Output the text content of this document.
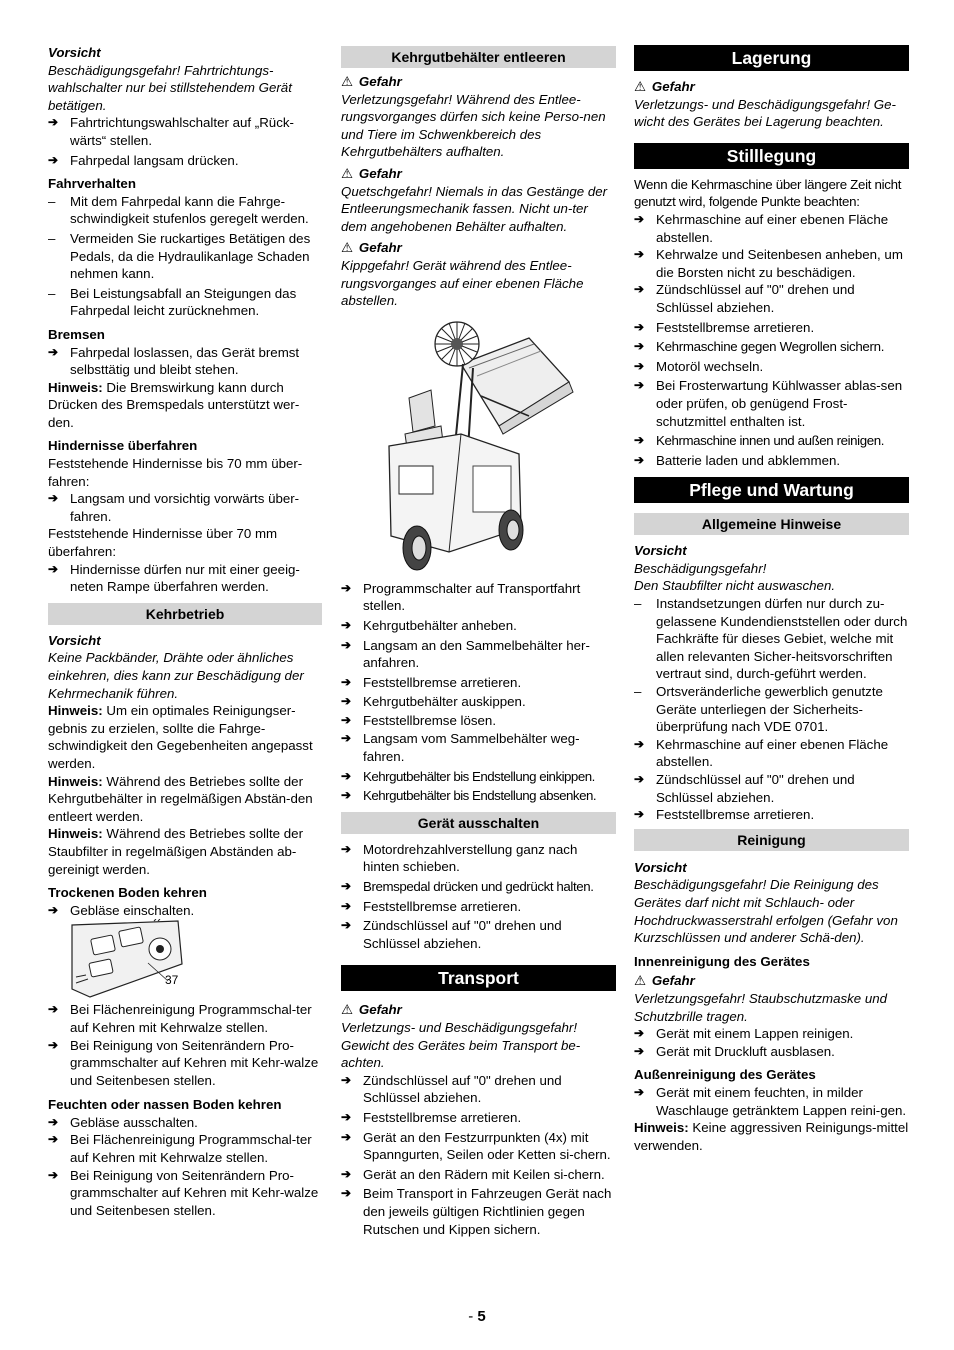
Vorsicht

Beschädigungsgefahr! Fahrtrichtungs-wahlschalter nur bei stillstehendem Gerät betätigen.

➔ Fahrtrichtungswahlschalter auf „Rück-wärts“ stellen.

➔ Fahrpedal langsam drücken.

Fahrverhalten

– Mit dem Fahrpedal kann die Fahrge-schwindigkeit stufenlos geregelt werden.

– Vermeiden Sie ruckartiges Betätigen des Pedals, da die Hydraulikanlage Schaden nehmen kann.

– Bei Leistungsabfall an Steigungen das Fahrpedal leicht zurücknehmen.

Bremsen

➔ Fahrpedal loslassen, das Gerät bremst selbsttätig und bleibt stehen.

Hinweis: Die Bremswirkung kann durch Drücken des Bremspedals unterstützt wer-den.

Hindernisse überfahren

Feststehende Hindernisse bis 70 mm über-fahren:

➔ Langsam und vorsichtig vorwärts über-fahren.

Feststehende Hindernisse über 70 mm überfahren:

➔ Hindernisse dürfen nur mit einer geeig-neten Rampe überfahren werden.

Kehrbetrieb
Vorsicht

Keine Packbänder, Drähte oder ähnliches einkehren, dies kann zur Beschädigung der Kehrmechanik führen.

Hinweis: Um ein optimales Reinigungser-gebnis zu erzielen, sollte die Fahrge-schwindigkeit den Gegebenheiten angepasst werden.

Hinweis: Während des Betriebes sollte der Kehrgutbehälter in regelmäßigen Abstän-den entleert werden.

Hinweis: Während des Betriebes sollte der Staubfilter in regelmäßigen Abständen ab-gereinigt werden.

Trockenen Boden kehren

➔ Gebläse einschalten.

37

➔ Bei Flächenreinigung Programmschal-ter auf Kehren mit Kehrwalze stellen.

➔ Bei Reinigung von Seitenrändern Pro-grammschalter auf Kehren mit Kehr-walze und Seitenbesen stellen.

Feuchten oder nassen Boden kehren

➔ Gebläse ausschalten.

➔ Bei Flächenreinigung Programmschal-ter auf Kehren mit Kehrwalze stellen.

➔ Bei Reinigung von Seitenrändern Pro-grammschalter auf Kehren mit Kehr-walze und Seitenbesen stellen.

Kehrgutbehälter entleeren
⚠ Gefahr

Verletzungsgefahr! Während des Entlee-rungsvorganges dürfen sich keine Perso-nen und Tiere im Schwenkbereich des Kehrgutbehälters aufhalten.

⚠ Gefahr

Quetschgefahr! Niemals in das Gestänge der Entleerungsmechanik fassen. Nicht un-ter dem angehobenen Behälter aufhalten.

⚠ Gefahr

Kippgefahr! Gerät während des Entlee-rungsvorganges auf einer ebenen Fläche abstellen.

➔ Programmschalter auf Transportfahrt stellen.

➔ Kehrgutbehälter anheben.

➔ Langsam an den Sammelbehälter her-anfahren.

➔ Feststellbremse arretieren.

➔ Kehrgutbehälter auskippen.

➔ Feststellbremse lösen.

➔ Langsam vom Sammelbehälter weg-fahren.

➔ Kehrgutbehälter bis Endstellung einkippen.

➔ Kehrgutbehälter bis Endstellung absenken.

Gerät ausschalten

➔ Motordrehzahlverstellung ganz nach hinten schieben.

➔ Bremspedal drücken und gedrückt halten.

➔ Feststellbremse arretieren.

➔ Zündschlüssel auf "0" drehen und Schlüssel abziehen.

Transport
⚠ Gefahr

Verletzungs- und Beschädigungsgefahr! Gewicht des Gerätes beim Transport be-achten.

➔ Zündschlüssel auf "0" drehen und Schlüssel abziehen.

➔ Feststellbremse arretieren.

➔ Gerät an den Festzurrpunkten (4x) mit Spanngurten, Seilen oder Ketten si-chern.

➔ Gerät an den Rädern mit Keilen si-chern.

➔ Beim Transport in Fahrzeugen Gerät nach den jeweils gültigen Richtlinien gegen Rutschen und Kippen sichern.

Lagerung
⚠ Gefahr

Verletzungs- und Beschädigungsgefahr! Ge-wicht des Gerätes bei Lagerung beachten.

Stilllegung

Wenn die Kehrmaschine über längere Zeit nicht genutzt wird, folgende Punkte beachten:

➔ Kehrmaschine auf einer ebenen Fläche abstellen.

➔ Kehrwalze und Seitenbesen anheben, um die Borsten nicht zu beschädigen.

➔ Zündschlüssel auf "0" drehen und Schlüssel abziehen.

➔ Feststellbremse arretieren.

➔ Kehrmaschine gegen Wegrollen sichern.

➔ Motoröl wechseln.

➔ Bei Frosterwartung Kühlwasser ablas-sen oder prüfen, ob genügend Frost-schutzmittel enthalten ist.

➔ Kehrmaschine innen und außen reinigen.

➔ Batterie laden und abklemmen.

Pflege und Wartung
Allgemeine Hinweise
Vorsicht

Beschädigungsgefahr!

Den Staubfilter nicht auswaschen.

– Instandsetzungen dürfen nur durch zu-gelassene Kundendienststellen oder durch Fachkräfte für dieses Gebiet, welche mit allen relevanten Sicher-heitsvorschriften vertraut sind, durch-geführt werden.

– Ortsveränderliche gewerblich genutzte Geräte unterliegen der Sicherheits-überprüfung nach VDE 0701.

➔ Kehrmaschine auf einer ebenen Fläche abstellen.

➔ Zündschlüssel auf "0" drehen und Schlüssel abziehen.

➔ Feststellbremse arretieren.

Reinigung
Vorsicht

Beschädigungsgefahr! Die Reinigung des Gerätes darf nicht mit Schlauch- oder Hochdruckwasserstrahl erfolgen (Gefahr von Kurzschlüssen und anderer Schä-den).

Innenreinigung des Gerätes
⚠ Gefahr

Verletzungsgefahr! Staubschutzmaske und Schutzbrille tragen.

➔ Gerät mit einem Lappen reinigen.

➔ Gerät mit Druckluft ausblasen.

Außenreinigung des Gerätes

➔ Gerät mit einem feuchten, in milder Waschlauge getränktem Lappen reini-gen.

Hinweis: Keine aggressiven Reinigungs-mittel verwenden.

- 5
